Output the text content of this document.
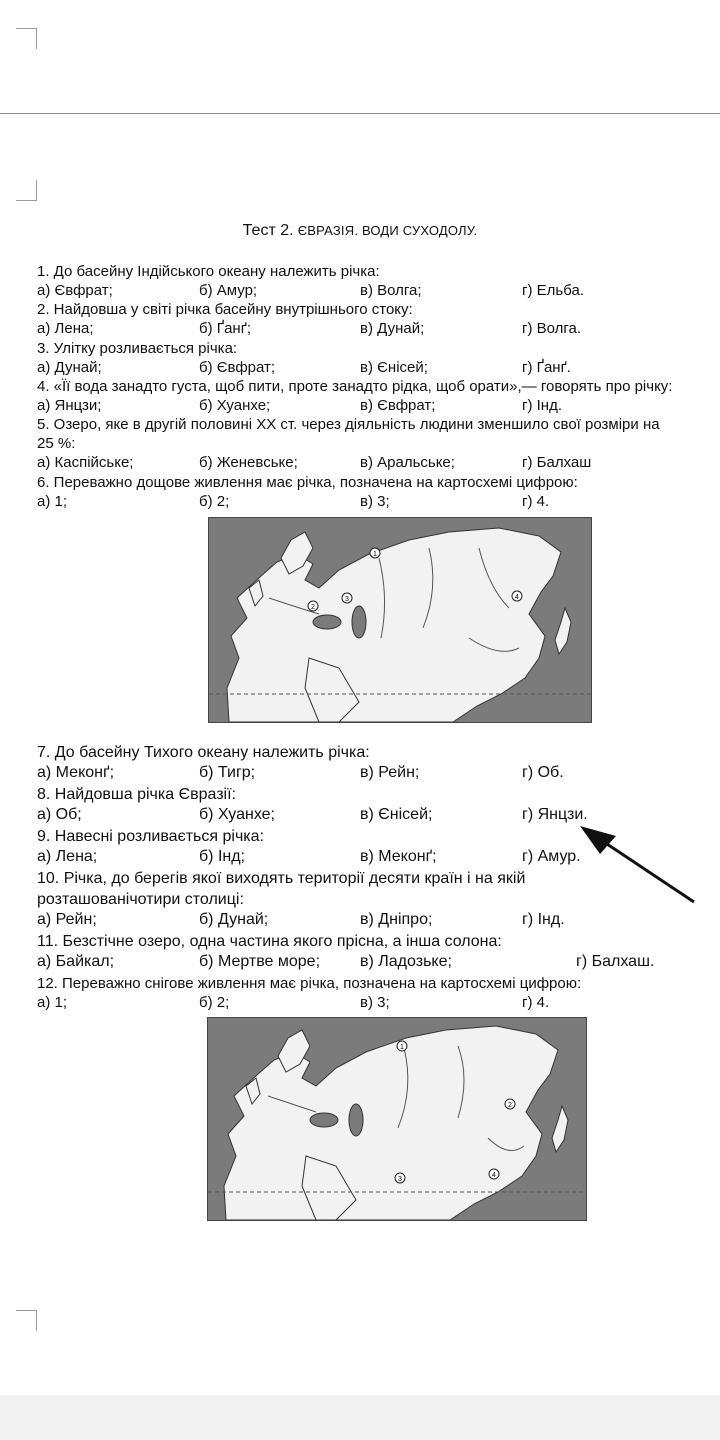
Тест 2. ЄВРАЗІЯ. ВОДИ СУХОДОЛУ.
1. До басейну Індійського океану належить річка:
а) Євфрат;	б) Амур;	в) Волга;	г) Ельба.
2. Найдовша у світі річка басейну внутрішнього стоку:
а) Лена;	б) Ґанґ;	в) Дунай;	г) Волга.
3. Улітку розливається річка:
а) Дунай;	б) Євфрат;	в) Єнісей;	г) Ґанґ.
4. «Її вода занадто густа, щоб пити, проте занадто рідка, щоб орати»,— говорять про річку:
а) Янцзи;	б) Хуанхе;	в) Євфрат;	г) Інд.
5. Озеро, яке в другій половині XX ст. через діяльність людини зменшило свої розміри на
25 %:
а) Каспійське;	б) Женевське;	в) Аральське;	г) Балхаш
6. Переважно дощове живлення має річка, позначена на картосхемі цифрою:
а) 1;	б) 2;	в) 3;	г) 4.
1
2
3	4
7. До басейну Тихого океану належить річка:
а) Меконґ;	б) Тигр;	в) Рейн;	г) Об.
8. Найдовша річка Євразії:
а) Об;	б) Хуанхе;	в) Єнісей;	г) Янцзи.
9. Навесні розливається річка:
а) Лена;	б) Інд;	в) Меконґ;	г) Амур.
10. Річка, до берегів якої виходять території десяти країн і на якій
розташованічотири столиці:
а) Рейн;	б) Дунай;	в) Дніпро;	г) Інд.
11. Безстічне озеро, одна частина якого прісна, а інша солона:
а) Байкал;	б) Мертве море; в) Ладозьке;	г) Балхаш.
12. Переважно снігове живлення має річка, позначена на картосхемі цифрою:
а) 1;	б) 2;	в) 3;	г) 4.
1
2
3
4
